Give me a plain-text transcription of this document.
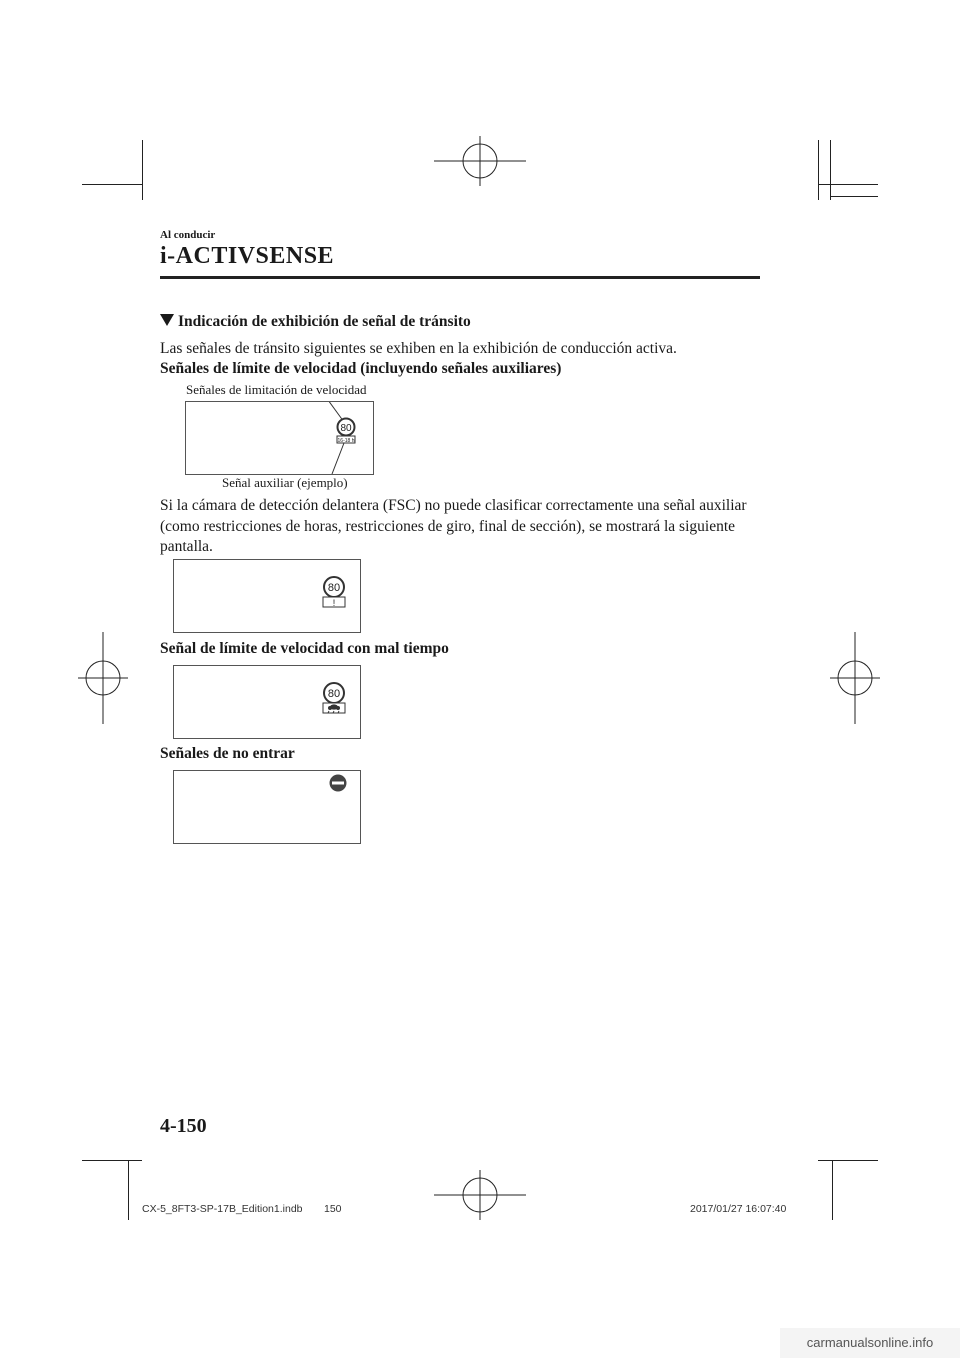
Al conducir
i-ACTIVSENSE
Indicación de exhibición de señal de tránsito
Las señales de tránsito siguientes se exhiben en la exhibición de conducción activa.
Señales de límite de velocidad (incluyendo señales auxiliares)
Señales de limitación de velocidad
80
16-18 h
Señal auxiliar (ejemplo)
Si la cámara de detección delantera (FSC) no puede clasificar correctamente una señal auxiliar (como restricciones de horas, restricciones de giro, final de sección), se mostrará la siguiente pantalla.
80
!
Señal de límite de velocidad con mal tiempo
80
Señales de no entrar
4-150
CX-5_8FT3-SP-17B_Edition1.indb 150	2017/01/27 16:07:40
carmanualsonline.info
